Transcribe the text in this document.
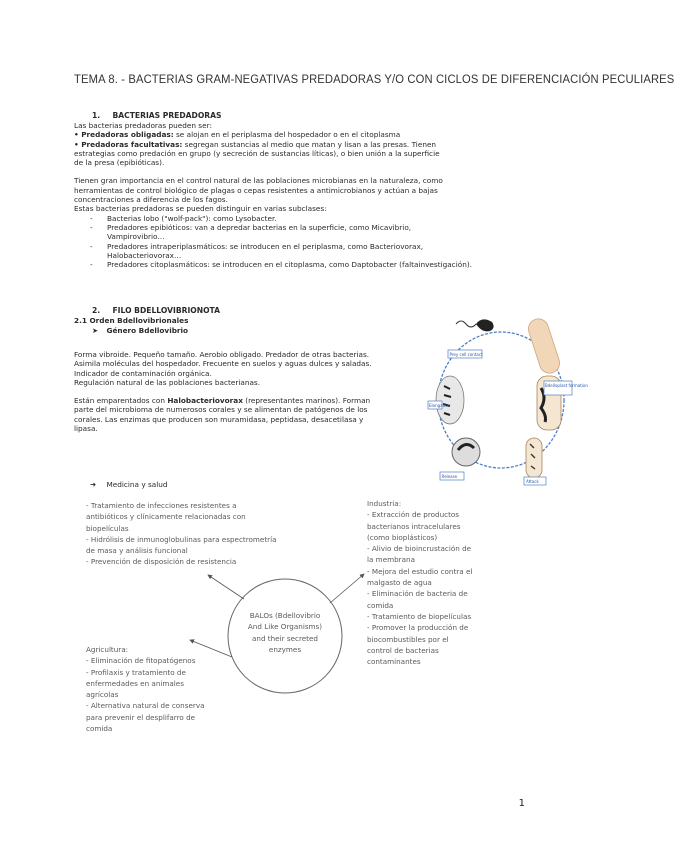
TEMA 8. - BACTERIAS GRAM-NEGATIVAS PREDADORAS Y/O CON CICLOS DE DIFERENCIACIÓN PECULIARES
1. BACTERIAS PREDADORAS
Las bacterias predadoras pueden ser:
• Predadoras obligadas: se alojan en el periplasma del hospedador o en el citoplasma
• Predadoras facultativas: segregan sustancias al medio que matan y lisan a las presas. Tienen
estrategias como predación en grupo (y secreción de sustancias líticas), o bien unión a la superficie
de la presa (epibióticas).
Tienen gran importancia en el control natural de las poblaciones microbianas en la naturaleza, como
herramientas de control biológico de plagas o cepas resistentes a antimicrobianos y actúan a bajas
concentraciones a diferencia de los fagos.
Estas bacterias predadoras se pueden distinguir en varias subclases:
- Bacterias lobo ("wolf-pack"): como Lysobacter.
- Predadores epibióticos: van a depredar bacterias en la superficie, como Micavibrio,
Vampirovibrio…
- Predadores intraperiplasmáticos: se introducen en el periplasma, como Bacteriovorax,
Halobacteriovorax…
- Predadores citoplasmáticos: se introducen en el citoplasma, como Daptobacter (faltainvestigación).
2. FILO BDELLOVIBRIONOTA
2.1 Orden Bdellovibrionales
➤ Género Bdellovibrio
Forma vibroide. Pequeño tamaño. Aerobio obligado. Predador de otras bacterias.
Asimila moléculas del hospedador. Frecuente en suelos y aguas dulces y saladas.
Indicador de contaminación orgánica.
Regulación natural de las poblaciones bacterianas.
Están emparentados con Halobacteriovorax (representantes marinos). Forman
parte del microbioma de numerosos corales y se alimentan de patógenos de los
corales. Las enzimas que producen son muramidasa, peptidasa, desacetilasa y
lipasa.
Prey cell contact
Bdelloplast formation
Elongation
Release
Attack
➜ Medicina y salud
- Tratamiento de infecciones resistentes a
antibióticos y clínicamente relacionadas con
biopelículas
- Hidrólisis de inmunoglobulinas para espectrometría
de masa y análisis funcional
- Prevención de disposición de resistencia
Industria:
- Extracción de productos
bacterianos intracelulares
(como bioplásticos)
- Alivio de bioincrustación de
la membrana
- Mejora del estudio contra el
malgasto de agua
- Eliminación de bacteria de
comida
- Tratamiento de biopelículas
- Promover la producción de
biocombustibles por el
control de bacterias
contaminantes
Agricultura:
- Eliminación de fitopatógenos
- Profilaxis y tratamiento de
enfermedades en animales
agrícolas
- Alternativa natural de conserva
para prevenir el desplifarro de
comida
BALOs (Bdellovibrio
And Like Organisms)
and their secreted
enzymes
1
